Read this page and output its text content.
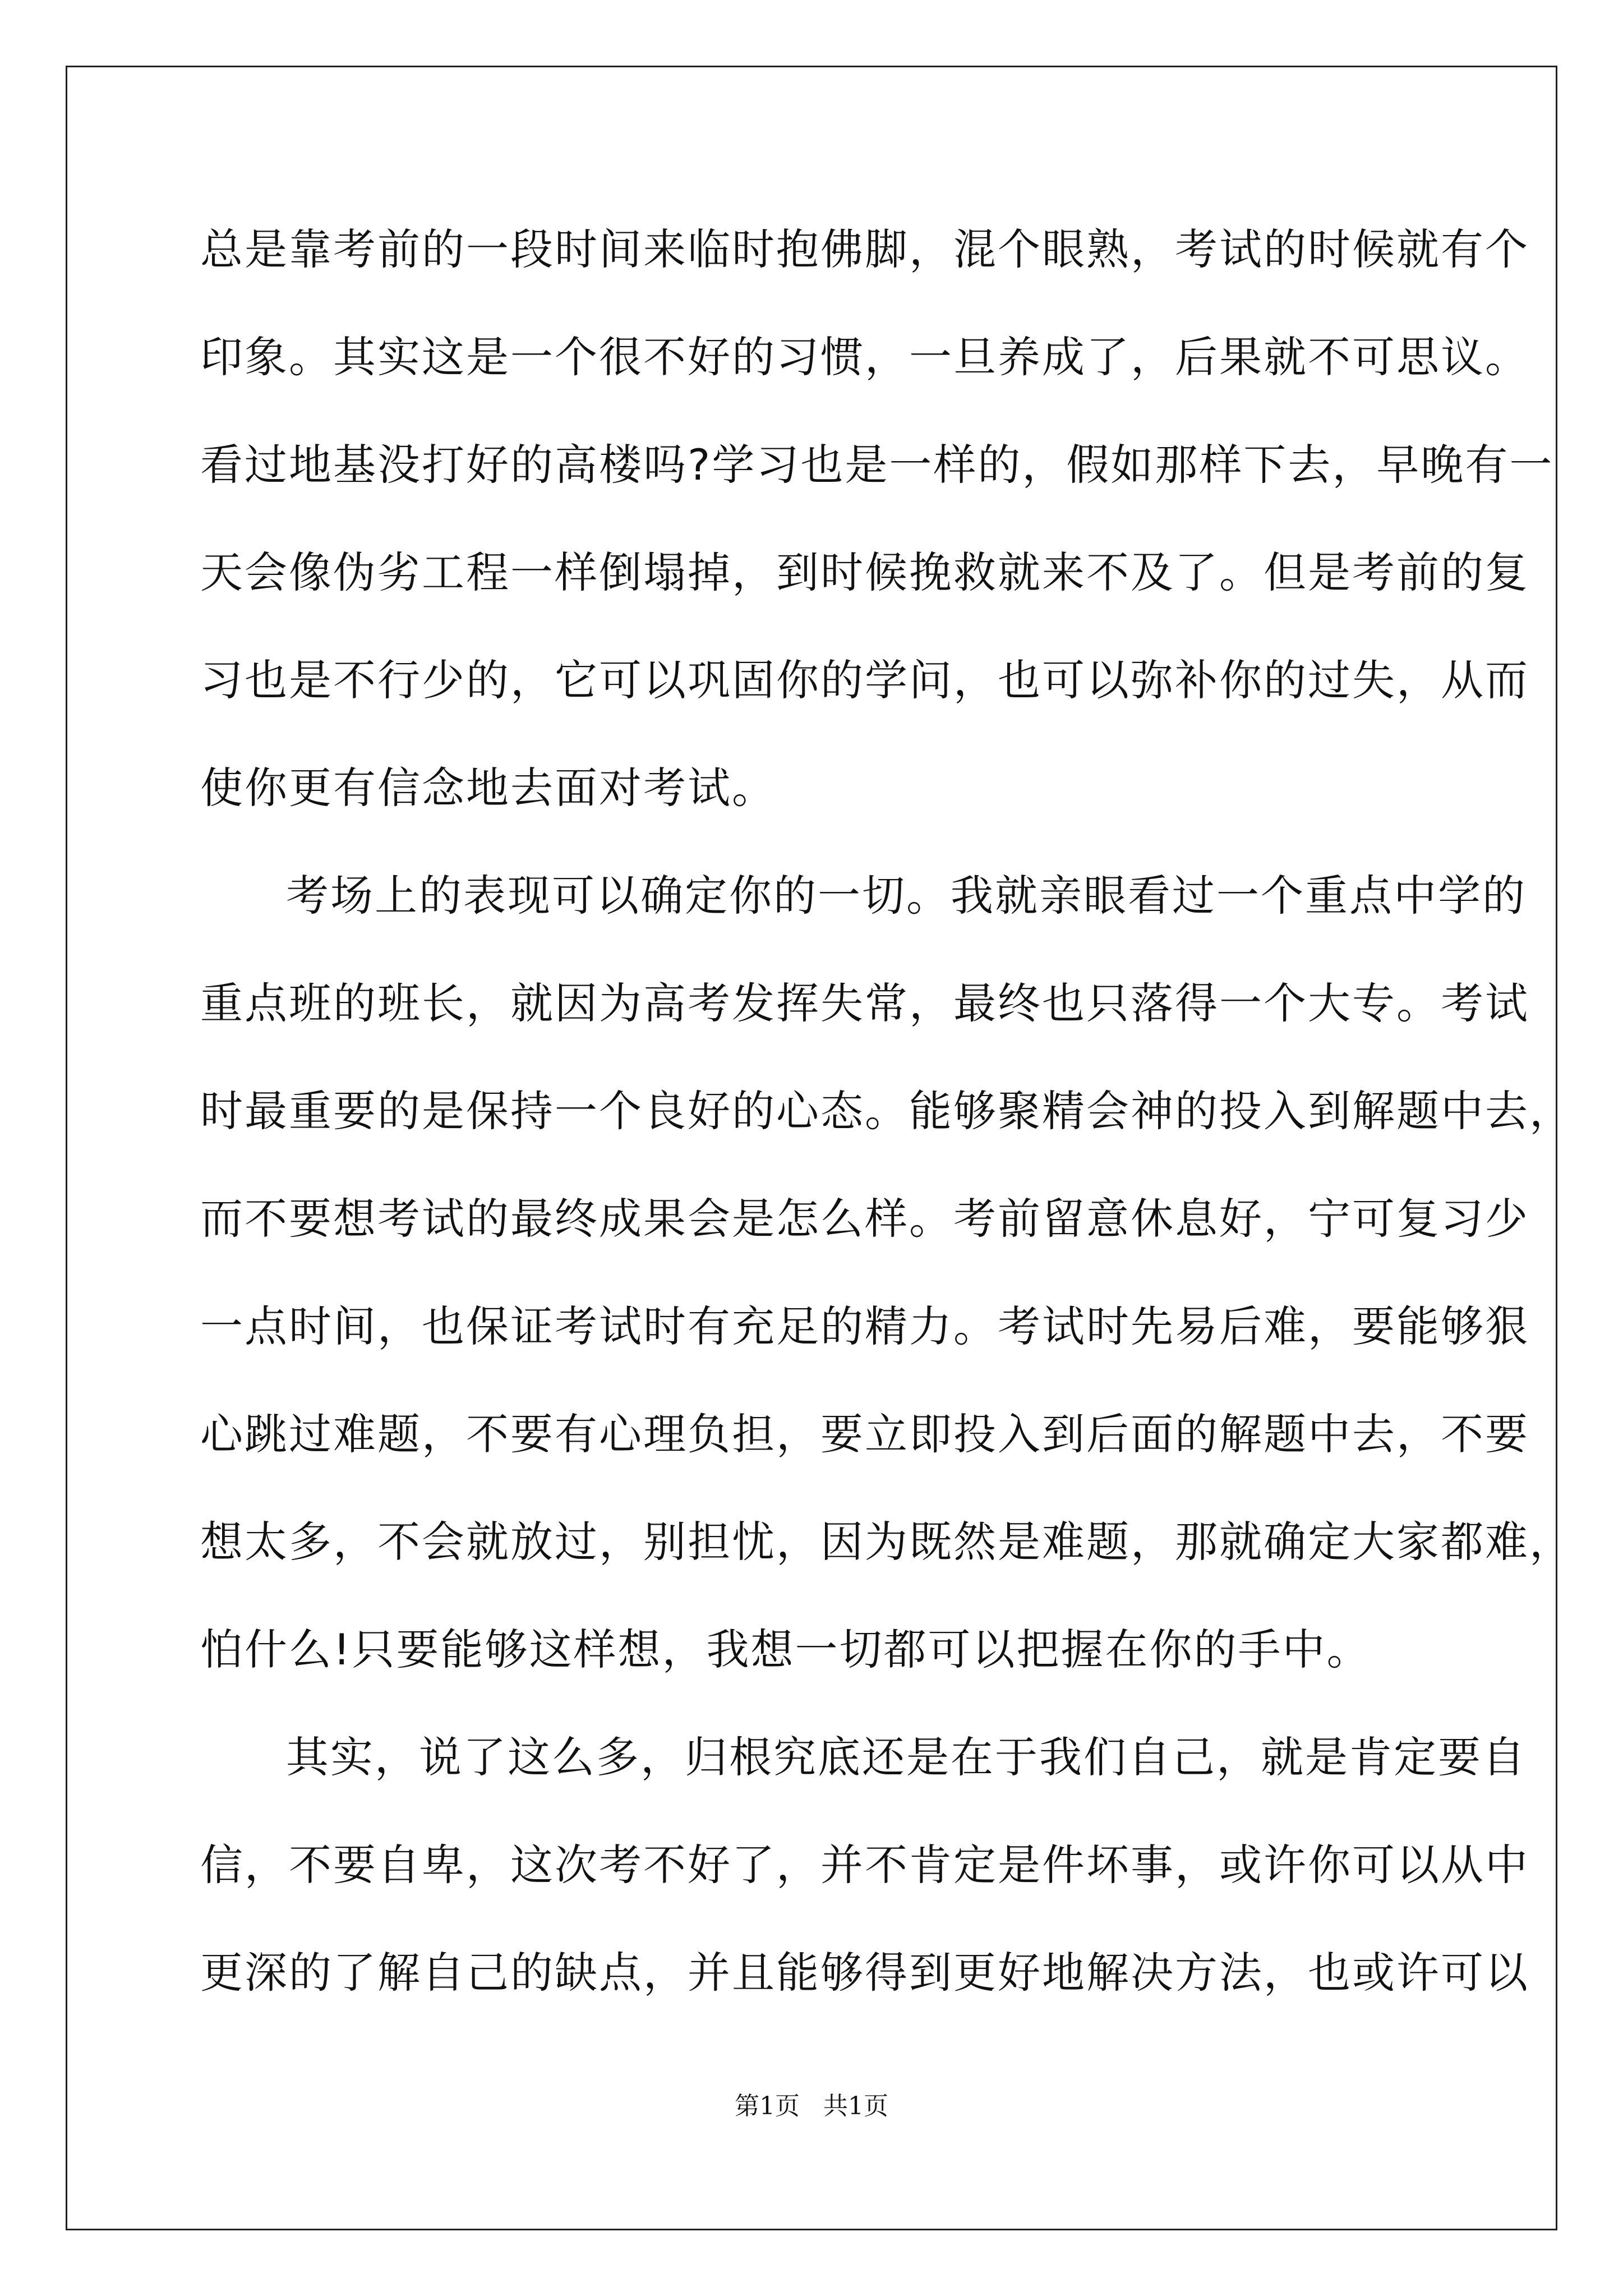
总是靠考前的一段时间来临时抱佛脚，混个眼熟，考试的时候就有个
印象。其实这是一个很不好的习惯，一旦养成了，后果就不可思议。
看过地基没打好的高楼吗?学习也是一样的，假如那样下去，早晚有一
天会像伪劣工程一样倒塌掉，到时候挽救就来不及了。但是考前的复
习也是不行少的，它可以巩固你的学问，也可以弥补你的过失，从而
使你更有信念地去面对考试。
考场上的表现可以确定你的一切。我就亲眼看过一个重点中学的
重点班的班长，就因为高考发挥失常，最终也只落得一个大专。考试
时最重要的是保持一个良好的心态。能够聚精会神的投入到解题中去，
而不要想考试的最终成果会是怎么样。考前留意休息好，宁可复习少
一点时间，也保证考试时有充足的精力。考试时先易后难，要能够狠
心跳过难题，不要有心理负担，要立即投入到后面的解题中去，不要
想太多，不会就放过，别担忧，因为既然是难题，那就确定大家都难，
怕什么!只要能够这样想，我想一切都可以把握在你的手中。
其实，说了这么多，归根究底还是在于我们自己，就是肯定要自
信，不要自卑，这次考不好了，并不肯定是件坏事，或许你可以从中
更深的了解自己的缺点，并且能够得到更好地解决方法，也或许可以
第1页   共1页
